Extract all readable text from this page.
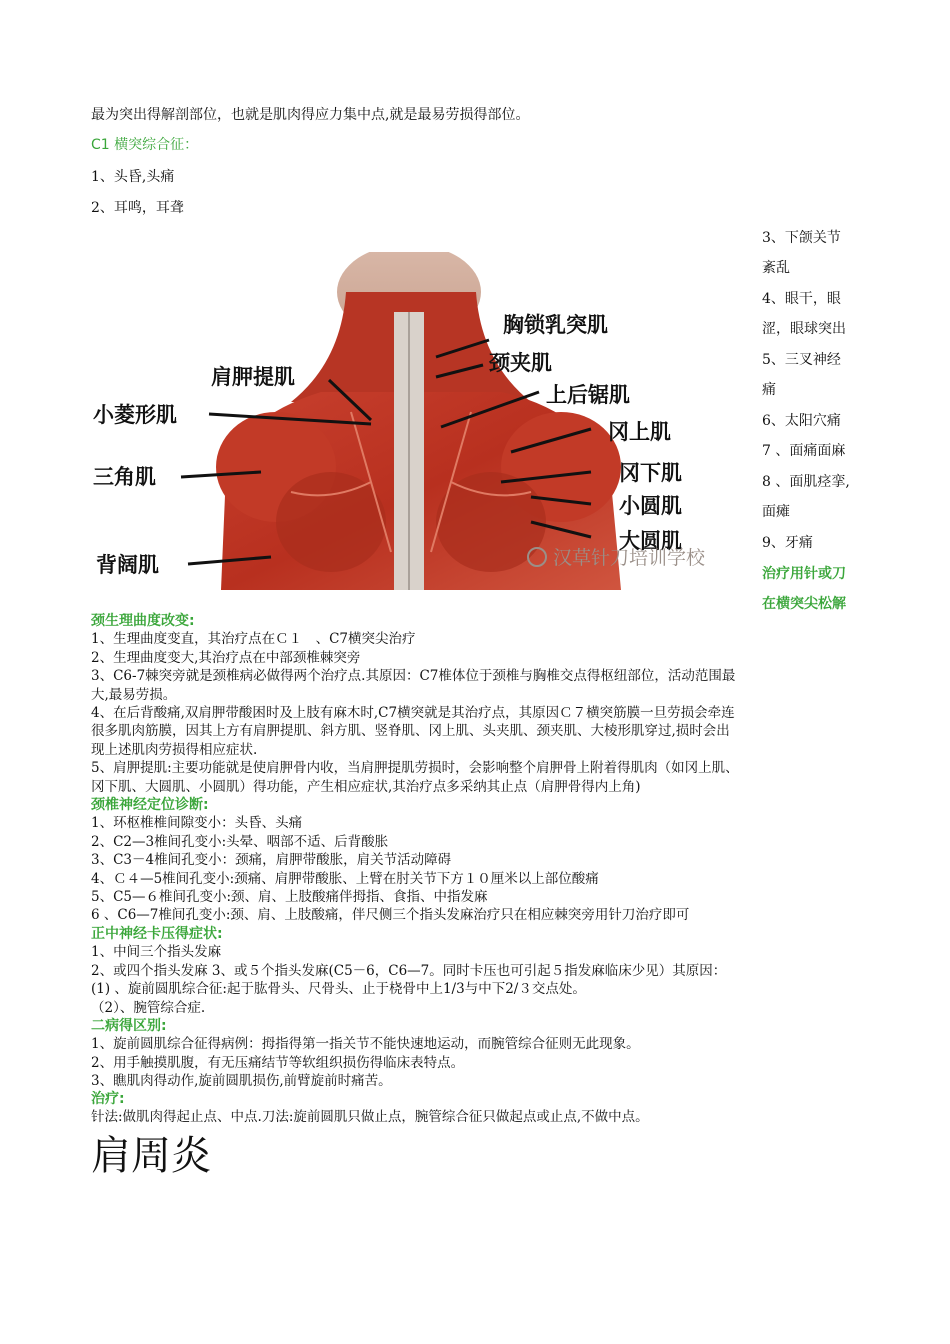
最为突出得解剖部位，也就是肌肉得应力集中点,就是最易劳损得部位。
C1 横突综合征：
1、头昏,头痛
2、耳鸣，耳聋
3、下颌关节
紊乱
4、眼干，眼
涩，眼球突出
5、三叉神经
痛
6、太阳穴痛
7 、面痛面麻
8 、面肌痉挛,
面瘫
9、牙痛
治疗用针或刀
在横突尖松解
胸锁乳突肌
颈夹肌
上后锯肌
冈上肌
肩胛提肌
小菱形肌
三角肌	冈下肌
小圆肌
大圆肌
背阔肌	汉草针刀培训学校
颈生理曲度改变:
1、生理曲度变直，其治疗点在Ｃ１　、C7横突尖治疗
2、生理曲度变大,其治疗点在中部颈椎棘突旁
3、C6-7棘突旁就是颈椎病必做得两个治疗点.其原因：C7椎体位于颈椎与胸椎交点得枢纽部位，活动范围最
大,最易劳损。
4、在后背酸痛,双肩胛带酸困时及上肢有麻木时,C7横突就是其治疗点，其原因Ｃ７横突筋膜一旦劳损会牵连
很多肌肉筋膜，因其上方有肩胛提肌、斜方肌、竖脊肌、冈上肌、头夹肌、颈夹肌、大棱形肌穿过,损时会出
现上述肌肉劳损得相应症状.
5、肩胛提肌:主要功能就是使肩胛骨内收，当肩胛提肌劳损时，会影响整个肩胛骨上附着得肌肉（如冈上肌、
冈下肌、大圆肌、小圆肌）得功能，产生相应症状,其治疗点多采纳其止点（肩胛骨得内上角)
颈椎神经定位诊断:
1、环枢椎椎间隙变小：头昏、头痛
2、C2—3椎间孔变小:头晕、咽部不适、后背酸胀
3、C3－4椎间孔变小：颈痛，肩胛带酸胀，肩关节活动障碍
4、Ｃ４—5椎间孔变小:颈痛、肩胛带酸胀、上臂在肘关节下方１０厘米以上部位酸痛
5、C5—６椎间孔变小:颈、肩、上肢酸痛伴拇指、食指、中指发麻
6 、C6—7椎间孔变小:颈、肩、上肢酸痛，伴尺侧三个指头发麻治疗只在相应棘突旁用针刀治疗即可
正中神经卡压得症状:
1、中间三个指头发麻
2、或四个指头发麻 3、或５个指头发麻(C5－6，C6—7。同时卡压也可引起５指发麻临床少见）其原因：
(1) 、旋前圆肌综合征:起于肱骨头、尺骨头、止于桡骨中上1/3与中下2/３交点处。
（2）、腕管综合症.
二病得区别:
1、旋前圆肌综合征得病例：拇指得第一指关节不能快速地运动，而腕管综合征则无此现象。
2、用手触摸肌腹，有无压痛结节等软组织损伤得临床表特点。
3、瞧肌肉得动作,旋前圆肌损伤,前臂旋前时痛苦。
治疗:
针法:做肌肉得起止点、中点.刀法:旋前圆肌只做止点，腕管综合征只做起点或止点,不做中点。
肩周炎
